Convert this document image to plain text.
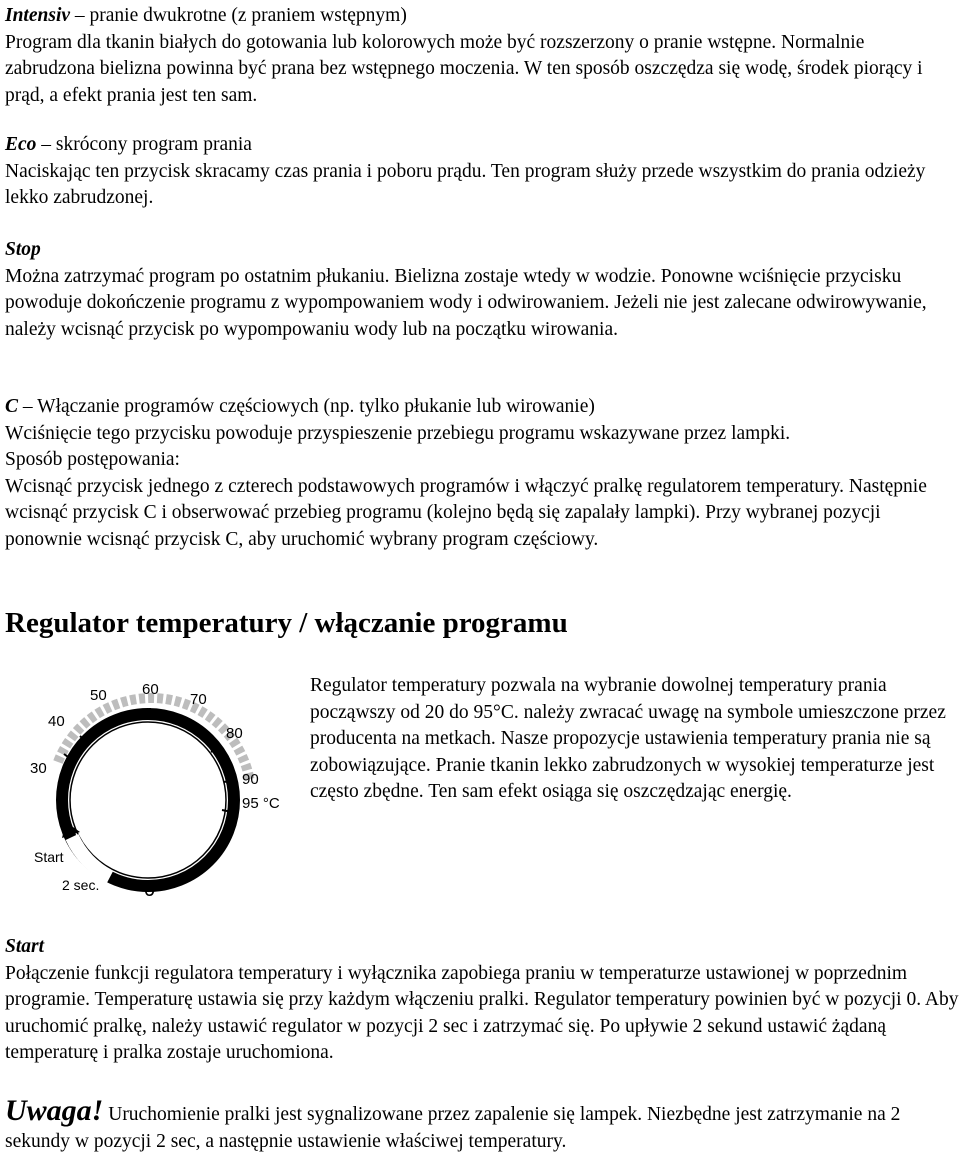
Intensiv – pranie dwukrotne (z praniem wstępnym)

Program dla tkanin białych do gotowania lub kolorowych może być rozszerzony o pranie wstępne. Normalnie zabrudzona bielizna powinna być prana bez wstępnego moczenia. W ten sposób oszczędza się wodę, środek piorący i prąd, a efekt prania jest ten sam.

Eco – skrócony program prania

Naciskając ten przycisk skracamy czas prania i poboru prądu. Ten program służy przede wszystkim do prania odzieży lekko zabrudzonej.

Stop

Można zatrzymać program po ostatnim płukaniu. Bielizna zostaje wtedy w wodzie. Ponowne wciśnięcie przycisku powoduje dokończenie programu z wypompowaniem wody i odwirowaniem. Jeżeli nie jest zalecane odwirowywanie, należy wcisnąć przycisk po wypompowaniu wody lub na początku wirowania.

C – Włączanie programów częściowych (np. tylko płukanie lub wirowanie)

Wciśnięcie tego przycisku powoduje przyspieszenie przebiegu programu wskazywane przez lampki.

Sposób postępowania:

Wcisnąć przycisk jednego z czterech podstawowych programów i włączyć pralkę regulatorem temperatury. Następnie wcisnąć przycisk C i obserwować przebieg programu (kolejno będą się zapalały lampki). Przy wybranej pozycji ponownie wcisnąć przycisk C, aby uruchomić wybrany program częściowy.

Regulator temperatury / włączanie programu
50 60
70
40
80
30
90
95 °C
Start
2 sec. 0

Regulator temperatury pozwala na wybranie dowolnej temperatury prania począwszy od 20 do 95°C. należy zwracać uwagę na symbole umieszczone przez producenta na metkach. Nasze propozycje ustawienia temperatury prania nie są zobowiązujące. Pranie tkanin lekko zabrudzonych w wysokiej temperaturze jest często zbędne. Ten sam efekt osiąga się oszczędzając energię.

Start

Połączenie funkcji regulatora temperatury i wyłącznika zapobiega praniu w temperaturze ustawionej w poprzednim programie. Temperaturę ustawia się przy każdym włączeniu pralki. Regulator temperatury powinien być w pozycji 0. Aby uruchomić pralkę, należy ustawić regulator w pozycji 2 sec i zatrzymać się. Po upływie 2 sekund ustawić żądaną temperaturę i pralka zostaje uruchomiona.

Uwaga! Uruchomienie pralki jest sygnalizowane przez zapalenie się lampek. Niezbędne jest zatrzymanie na 2 sekundy w pozycji 2 sec, a następnie ustawienie właściwej temperatury.
